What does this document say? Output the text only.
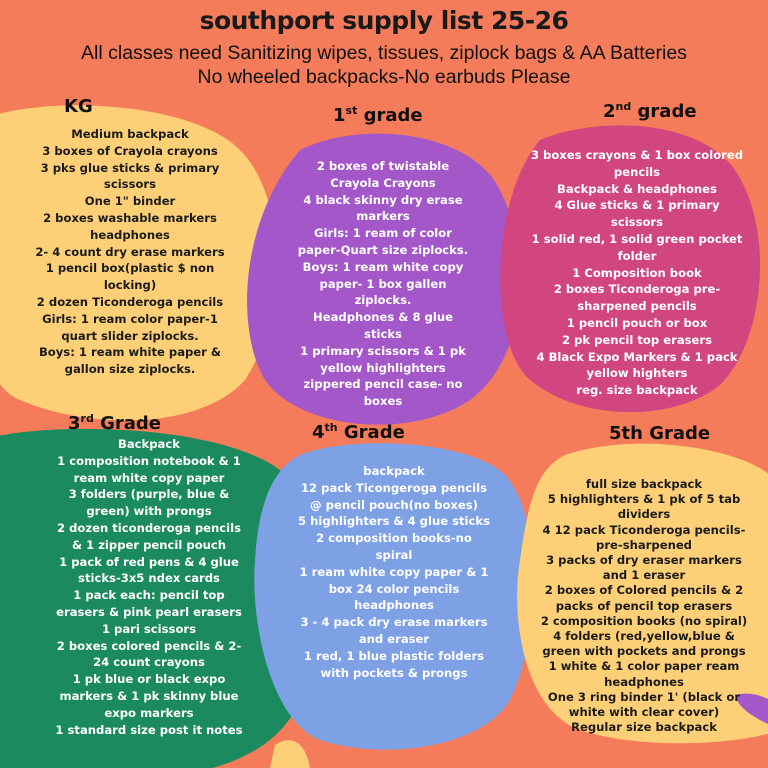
southport supply list 25-26
All classes need Sanitizing wipes, tissues, ziplock bags & AA Batteries
No wheeled backpacks-No earbuds Please
KG
Medium backpack
3 boxes of Crayola crayons
3 pks glue sticks & primary
scissors
One 1" binder
2 boxes washable markers
headphones
2- 4 count dry erase markers
1 pencil box(plastic $ non
locking)
2 dozen Ticonderoga pencils
Girls: 1 ream color paper-1
quart slider ziplocks.
Boys: 1 ream white paper &
gallon size ziplocks.
1st grade
2 boxes of twistable
Crayola Crayons
4 black skinny dry erase
markers
Girls: 1 ream of color
paper-Quart size ziplocks.
Boys: 1 ream white copy
paper- 1 box gallen
ziplocks.
Headphones & 8 glue
sticks
1 primary scissors & 1 pk
yellow highlighters
zippered pencil case- no
boxes
2nd grade
3 boxes crayons & 1 box colored
pencils
Backpack & headphones
4 Glue sticks & 1 primary
scissors
1 solid red, 1 solid green pocket
folder
1 Composition book
2 boxes Ticonderoga pre-
sharpened pencils
1 pencil pouch or box
2 pk pencil top erasers
4 Black Expo Markers & 1 pack
yellow highters
reg. size backpack
3rd Grade
Backpack
1 composition notebook & 1
ream white copy paper
3 folders (purple, blue &
green) with prongs
2 dozen ticonderoga pencils
& 1 zipper pencil pouch
1 pack of red pens & 4 glue
sticks-3x5 ndex cards
1 pack each: pencil top
erasers & pink pearl erasers
1 pari scissors
2 boxes colored pencils & 2-
24 count crayons
1 pk blue or black expo
markers & 1 pk skinny blue
expo markers
1 standard size post it notes
4th Grade
backpack
12 pack Ticongeroga pencils
@ pencil pouch(no boxes)
5 highlighters & 4 glue sticks
2 composition books-no
spiral
1 ream white copy paper & 1
box 24 color pencils
headphones
3 - 4 pack dry erase markers
and eraser
1 red, 1 blue plastic folders
with pockets & prongs
5th Grade
full size backpack
5 highlighters & 1 pk of 5 tab
dividers
4 12 pack Ticonderoga pencils-
pre-sharpened
3 packs of dry eraser markers
and 1 eraser
2 boxes of Colored pencils & 2
packs of pencil top erasers
2 composition books (no spiral)
4 folders (red,yellow,blue &
green with pockets and prongs
1 white & 1 color paper ream
headphones
One 3 ring binder 1' (black or
white with clear cover)
Regular size backpack
